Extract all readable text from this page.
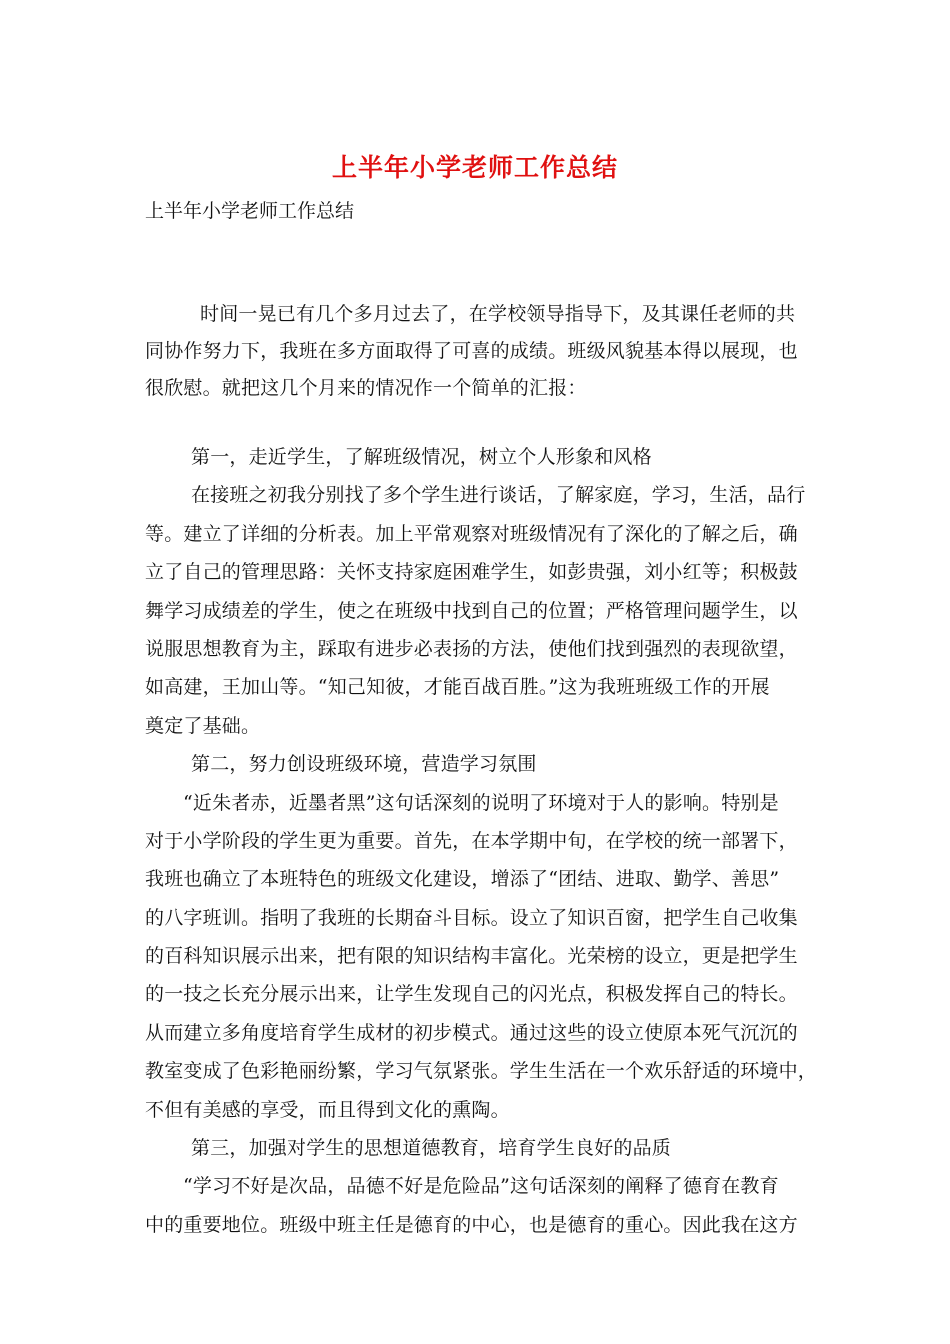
上半年小学老师工作总结
上半年小学老师工作总结
时间一晃已有几个多月过去了，在学校领导指导下，及其课任老师的共
同协作努力下，我班在多方面取得了可喜的成绩。班级风貌基本得以展现，也
很欣慰。就把这几个月来的情况作一个简单的汇报：
第一，走近学生，了解班级情况，树立个人形象和风格
在接班之初我分别找了多个学生进行谈话，了解家庭，学习，生活，品行
等。建立了详细的分析表。加上平常观察对班级情况有了深化的了解之后，确
立了自己的管理思路：关怀支持家庭困难学生，如彭贵强，刘小红等；积极鼓
舞学习成绩差的学生，使之在班级中找到自己的位置；严格管理问题学生，以
说服思想教育为主，踩取有进步必表扬的方法，使他们找到强烈的表现欲望，
如高建，王加山等。“知己知彼，才能百战百胜。”这为我班班级工作的开展
奠定了基础。
第二，努力创设班级环境，营造学习氛围
“近朱者赤，近墨者黑”这句话深刻的说明了环境对于人的影响。特别是
对于小学阶段的学生更为重要。首先，在本学期中旬，在学校的统一部署下，
我班也确立了本班特色的班级文化建设，增添了“团结、进取、勤学、善思”
的八字班训。指明了我班的长期奋斗目标。设立了知识百窗，把学生自己收集
的百科知识展示出来，把有限的知识结构丰富化。光荣榜的设立，更是把学生
的一技之长充分展示出来，让学生发现自己的闪光点，积极发挥自己的特长。
从而建立多角度培育学生成材的初步模式。通过这些的设立使原本死气沉沉的
教室变成了色彩艳丽纷繁，学习气氛紧张。学生生活在一个欢乐舒适的环境中，
不但有美感的享受，而且得到文化的熏陶。
第三，加强对学生的思想道德教育，培育学生良好的品质
“学习不好是次品，品德不好是危险品”这句话深刻的阐释了德育在教育
中的重要地位。班级中班主任是德育的中心，也是德育的重心。因此我在这方
